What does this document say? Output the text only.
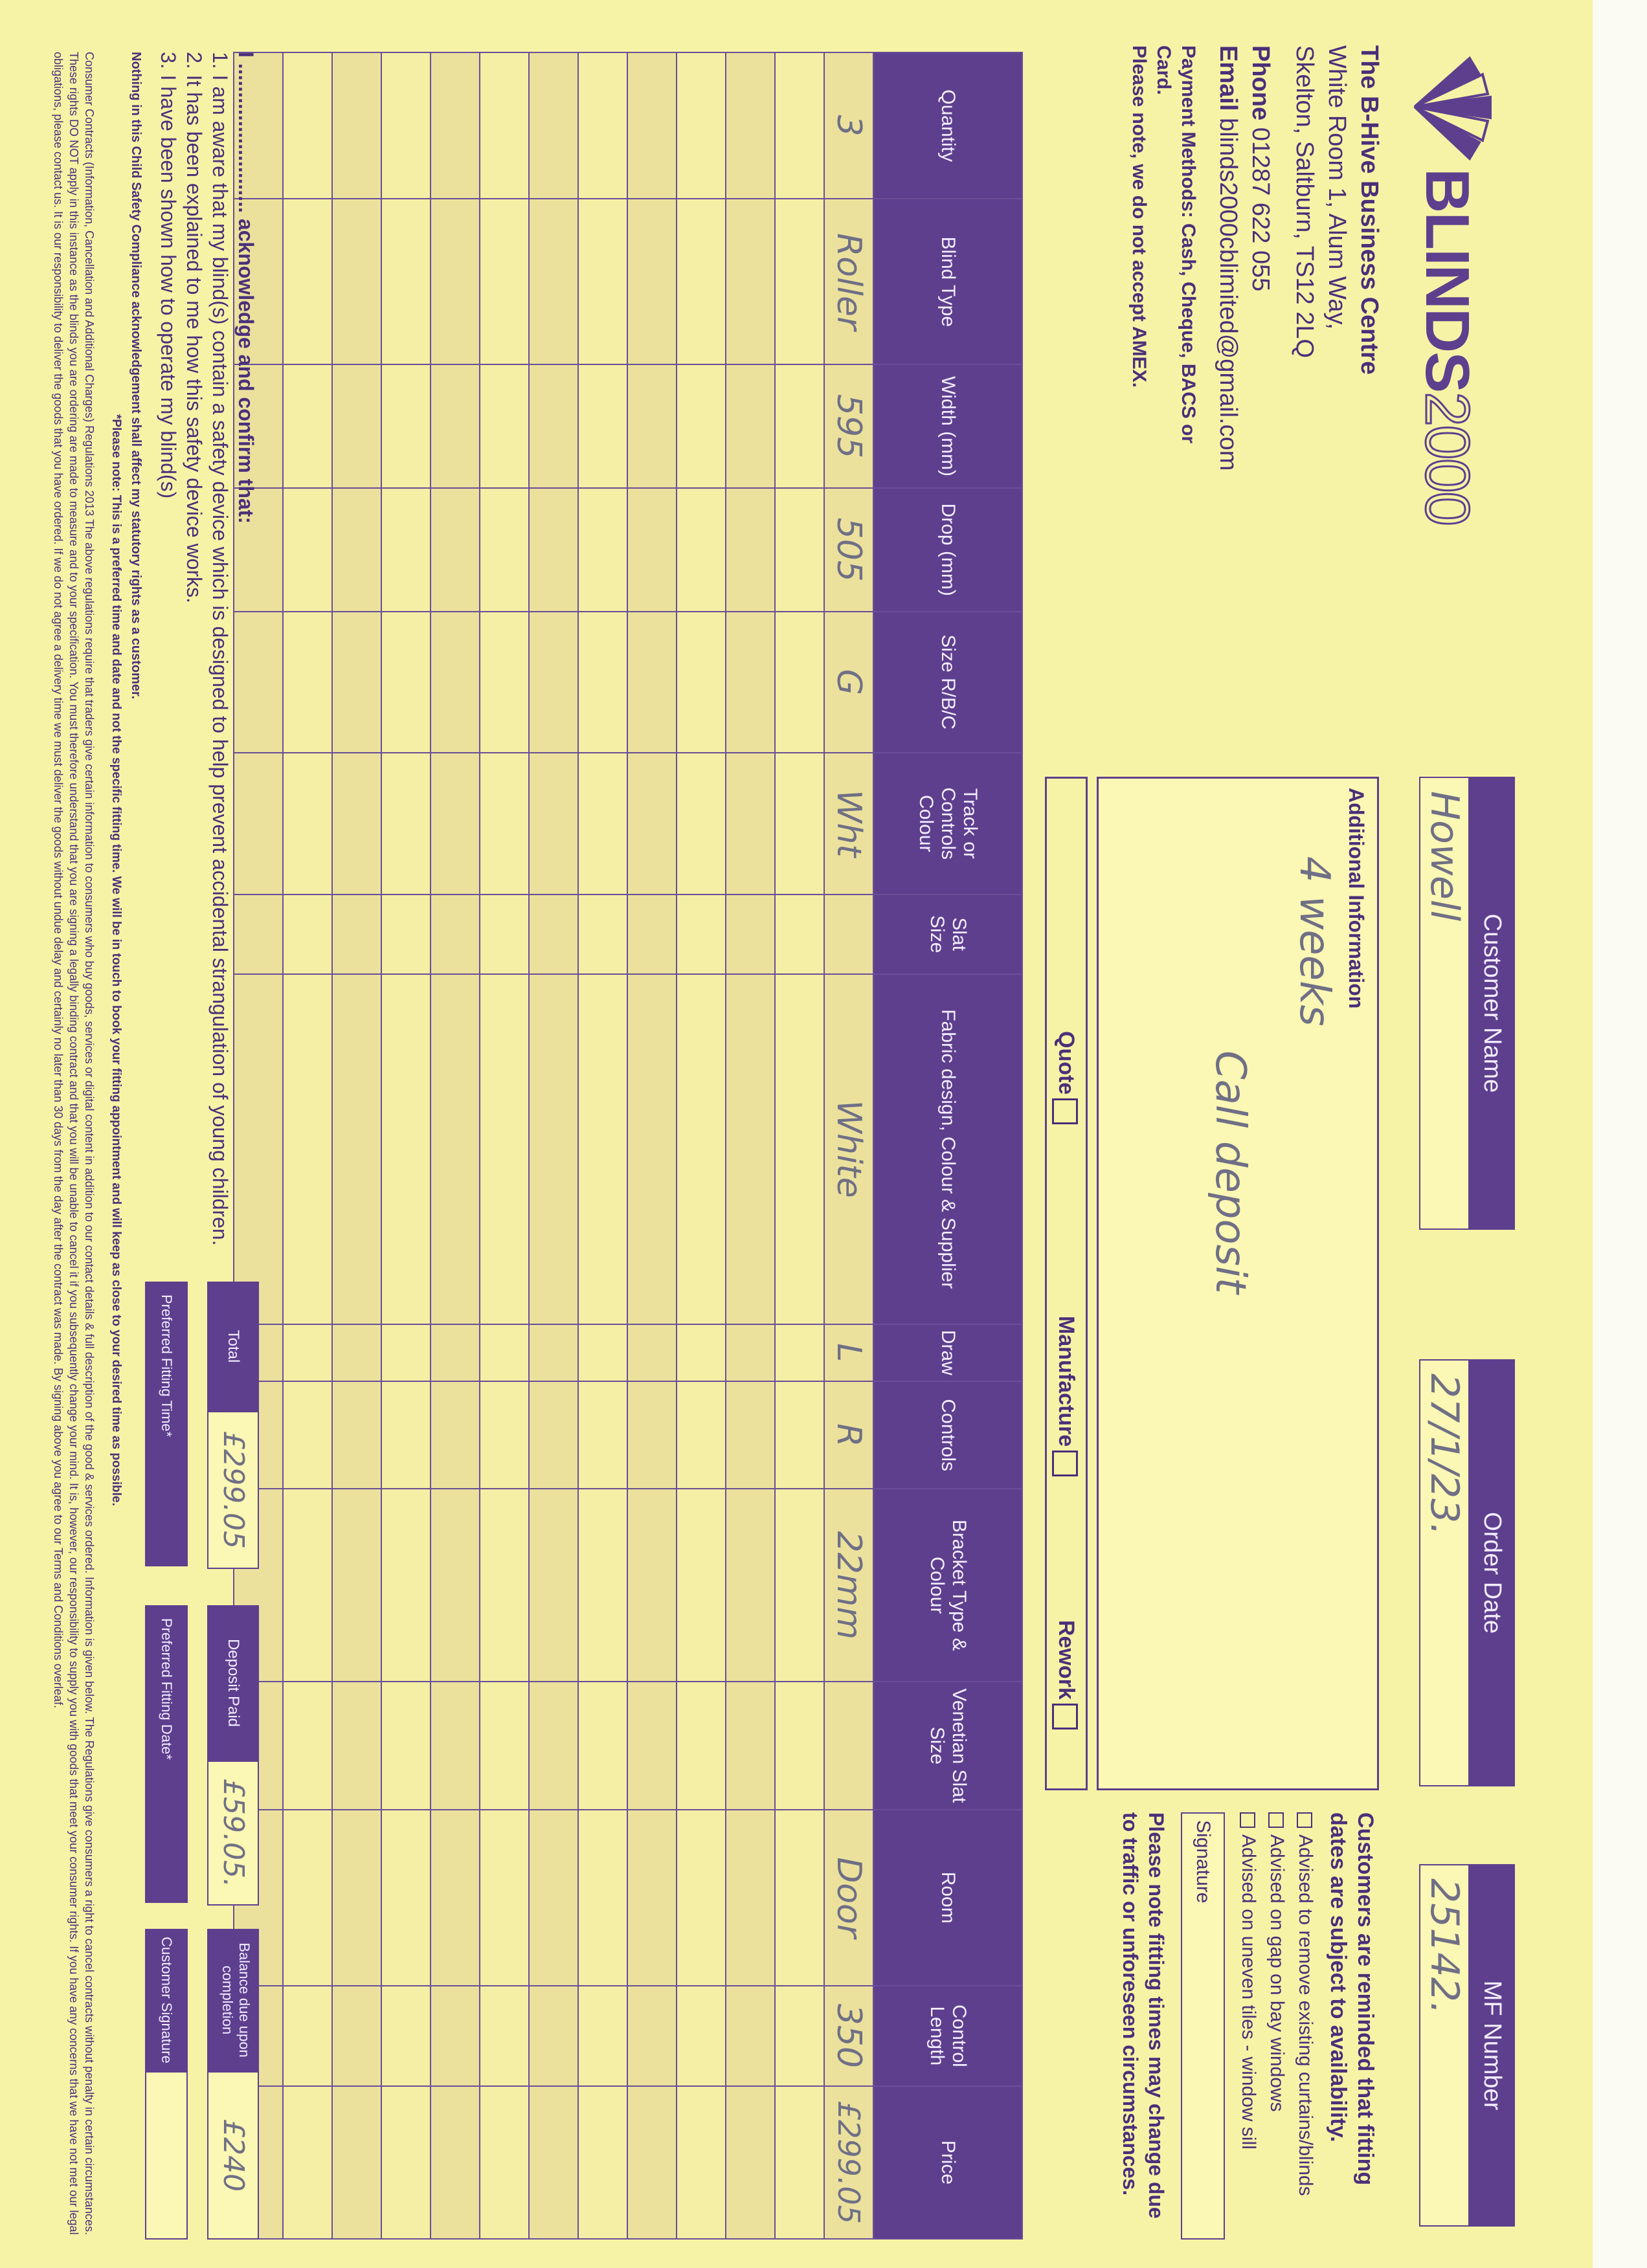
BLINDS2000
The B-Hive Business Centre
White Room 1, Alum Way,
Skelton, Saltburn, TS12 2LQ
Phone 01287 622 055
Email blinds2000cblimited@gmail.com
Payment Methods: Cash, Cheque, BACS or Card.
Please note, we do not accept AMEX.
Customer Name
Howell
Order Date
27/1/23.
MF Number
25142.
Additional Information
4 weeks
Call deposit
Quote
Manufacture
Rework
Customers are reminded that fitting dates are subject to availability.
Advised to remove existing curtains/blinds
Advised on gap on bay windows
Advised on uneven tiles - window sill
Signature
Please note fitting times may change due to traffic or unforeseen circumstances.
Quantity	Blind Type	Width (mm)	Drop (mm)	Size R/B/C	Track or Controls Colour	Slat Size	Fabric design, Colour & Supplier	Draw	Controls	Bracket Type & Colour	Venetian Slat Size	Room	Control Length	Price
3	Roller	595	505	G	Wht		White	L	R	22mm		Door	350	£299.05

I .......................... acknowledge and confirm that:
1. I am aware that my blind(s) contain a safety device which is designed to help prevent accidental strangulation of young children.
2. It has been explained to me how this safety device works.
3. I have been shown how to operate my blind(s)
Nothing in this Child Safety Compliance acknowledgement shall affect my statutory rights as a customer.
Total
£299.05
Deposit Paid
£59.05.
Balance due upon completion
£240
Preferred Fitting Time*
Preferred Fitting Date*
Customer Signature
*Please note: This is a preferred time and date and not the specific fitting time. We will be in touch to book your fitting appointment and will keep as close to your desired time as possible.
Consumer Contracts (Information, Cancellation and Additional Charges) Regulations 2013 The above regulations require that traders give certain information to consumers who buy goods, services or digital content in addition to our contact details & full description of the good & services ordered. Information is given below. The Regulations give consumers a right to cancel contracts without penalty in certain circumstances. These rights DO NOT apply in this instance as the blinds you are ordering are made to measure and to your specification. You must therefore understand that you are signing a legally binding contract and that you will be unable to cancel it if you subsequently change your mind. It is, however, our responsibility to supply you with goods that meet your consumer rights. If you have any concerns that we have not met our legal obligations, please contact us. It is our responsibility to deliver the goods that you have ordered. If we do not agree a delivery time we must deliver the goods without undue delay and certainly no later than 30 days from the day after the contract was made. By signing above you agree to our Terms and Conditions overleaf.
